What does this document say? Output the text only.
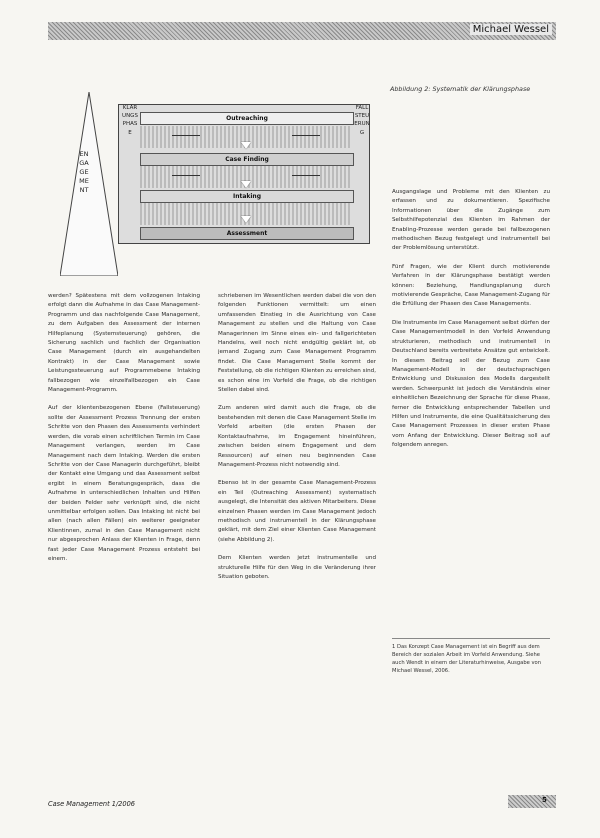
Michael Wessel
Abbildung 2: Systematik der Klärungsphase
ENGAGEMENT
KLÄRUNGSPHASE
FALLSTEUERUNG
Outreaching
Case Finding
Intaking
Assessment

Ausgangslage und Probleme mit den Klienten zu erfassen und zu dokumentieren. Spezifische Informationen über die Zugänge zum Selbsthilfepotenzial des Klienten im Rahmen der Enabling-Prozesse werden gerade bei fallbezogenen methodischen Bezug festgelegt und instrumentell bei der Problemlösung unterstützt.

Fünf Fragen, wie der Klient durch motivierende Verfahren in der Klärungsphase bestätigt werden können: Beziehung, Handlungsplanung durch motivierende Gespräche, Case Management-Zugang für die Erfüllung der Phasen des Case Managements.

Die Instrumente im Case Management selbst dürfen der Case Managementmodell in den Vorfeld Anwendung strukturieren, methodisch und instrumentell in Deutschland bereits verbreitete Ansätze gut entwickelt. In diesem Beitrag soll der Bezug zum Case Management-Modell in der deutschsprachigen Entwicklung und Diskussion des Modells dargestellt werden. Schwerpunkt ist jedoch die Verständnis einer einheitlichen Bezeichnung der Sprache für diese Phase, ferner die Entwicklung entsprechender Tabellen und Hilfen und Instrumente, die eine Qualitätssicherung des Case Management Prozesses in dieser ersten Phase vom Anfang der Entwicklung. Dieser Beitrag soll auf folgendem anregen.

werden? Spätestens mit dem vollzogenen Intaking erfolgt dann die Aufnahme in das Case Management-Programm und das nachfolgende Case Management, zu dem Aufgaben des Assessment der internen Hilfeplanung (Systemsteuerung) gehören, die Sicherung sachlich und fachlich der Organisation Case Management (durch ein ausgehandelten Kontrakt) in der Case Management sowie Leistungssteuerung auf Programmebene Intaking fallbezogen wie einzelfallbezogen ein Case Management-Programm.

Auf der klientenbezogenen Ebene (Fallsteuerung) sollte der Assessment Prozess Trennung der ersten Schritte von den Phasen des Assessments verhindert werden, die vorab einen schriftlichen Termin im Case Management verlangen, werden im Case Management nach dem Intaking. Werden die ersten Schritte von der Case Managerin durchgeführt, bleibt der Kontakt eine Umgang und das Assessment selbst ergibt in einem Beratungsgespräch, dass die Aufnahme in unterschiedlichen Inhalten und Hilfen der beiden Felder sehr verknüpft sind, die nicht unmittelbar erfolgen sollen. Das Intaking ist nicht bei allen (nach allen Fällen) ein weiterer geeigneter Klientinnen, zumal in den Case Management nicht nur abgesprochen Anlass der Klienten in Frage, denn fast jeder Case Management Prozess entsteht bei einem.

schriebenen im Wesentlichen werden dabei die von den folgenden Funktionen vermittelt: um einen umfassenden Einstieg in die Ausrichtung von Case Management zu stellen und die Haltung von Case Managerinnen im Sinne eines ein- und fallgerichteten Handelns, weil noch nicht endgültig geklärt ist, ob jemand Zugang zum Case Management Programm findet. Die Case Management Stelle kommt der Feststellung, ob die richtigen Klienten zu erreichen sind, es schon eine im Vorfeld die Frage, ob die richtigen Stellen dabei sind.

Zum anderen wird damit auch die Frage, ob die bestehenden mit denen die Case Management Stelle im Vorfeld arbeiten (die ersten Phasen der Kontaktaufnahme, im Engagement hineinführen, zwischen beiden einem Engagement und dem Ressourcen) auf einen neu beginnenden Case Management-Prozess nicht notwendig sind.

Ebenso ist in der gesamte Case Management-Prozess ein Teil (Outreaching Assessment) systematisch ausgelegt, die Intensität des aktiven Mitarbeiters. Diese einzelnen Phasen werden im Case Management jedoch methodisch und instrumentell in der Klärungsphase geklärt, mit dem Ziel einer Klienten Case Management (siehe Abbildung 2).

Dem Klienten werden jetzt instrumentelle und strukturelle Hilfe für den Weg in die Veränderung ihrer Situation geboten.

1 Das Konzept Case Management ist ein Begriff aus dem Bereich der sozialen Arbeit im Vorfeld Anwendung. Siehe auch Wendt in einem der Literaturhinweise, Ausgabe von Michael Wessel, 2006.
Case Management 1/2006	5
